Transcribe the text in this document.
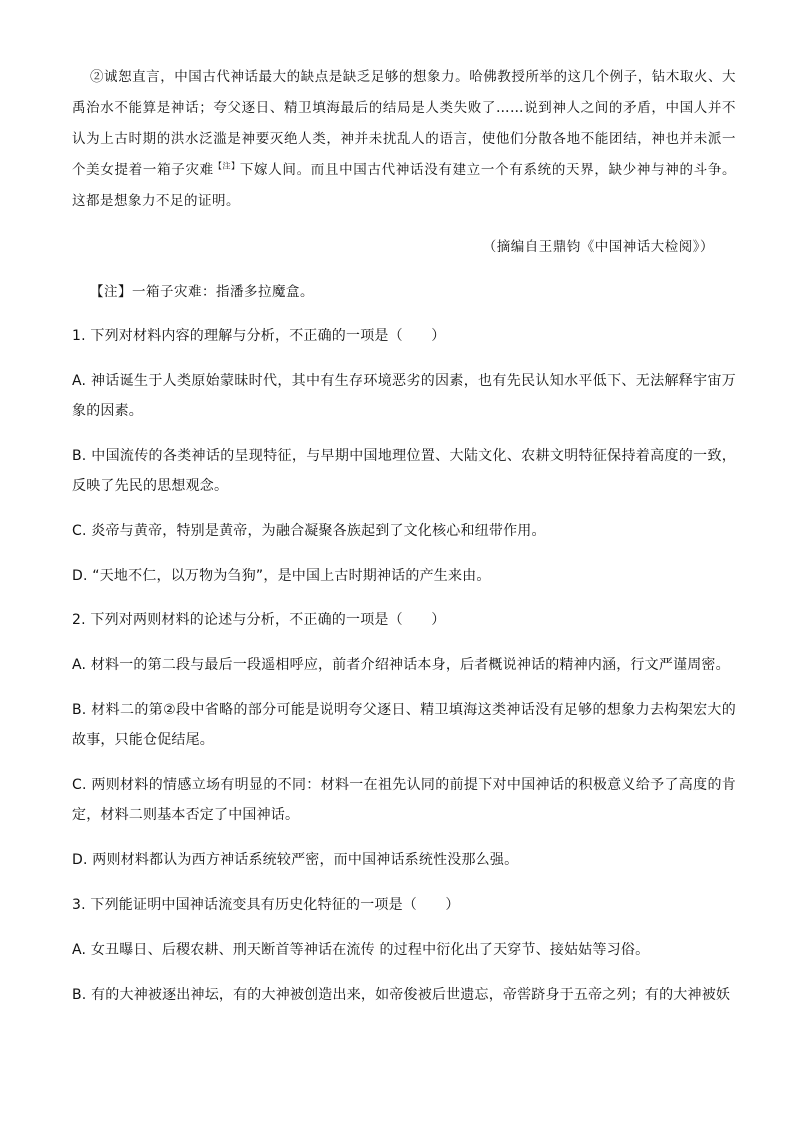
②诚恕直言，中国古代神话最大的缺点是缺乏足够的想象力。哈佛教授所举的这几个例子，钻木取火、大禹治水不能算是神话；夸父逐日、精卫填海最后的结局是人类失败了……说到神人之间的矛盾，中国人并不认为上古时期的洪水泛滥是神要灭绝人类，神并未扰乱人的语言，使他们分散各地不能团结，神也并未派一个美女提着一箱子灾难$^{【注】}$下嫁人间。而且中国古代神话没有建立一个有系统的天界，缺少神与神的斗争。这都是想象力不足的证明。
（摘编自王鼎钧《中国神话大检阅》）
【注】一箱子灾难：指潘多拉魔盒。
1. 下列对材料内容的理解与分析，不正确的一项是（　　）
A. 神话诞生于人类原始蒙昧时代，其中有生存环境恶劣的因素，也有先民认知水平低下、无法解释宇宙万象的因素。
B. 中国流传的各类神话的呈现特征，与早期中国地理位置、大陆文化、农耕文明特征保持着高度的一致，反映了先民的思想观念。
C. 炎帝与黄帝，特别是黄帝，为融合凝聚各族起到了文化核心和纽带作用。
D. “天地不仁，以万物为刍狗”，是中国上古时期神话的产生来由。
2. 下列对两则材料的论述与分析，不正确的一项是（　　）
A. 材料一的第二段与最后一段遥相呼应，前者介绍神话本身，后者概说神话的精神内涵，行文严谨周密。
B. 材料二的第②段中省略的部分可能是说明夸父逐日、精卫填海这类神话没有足够的想象力去构架宏大的故事，只能仓促结尾。
C. 两则材料的情感立场有明显的不同：材料一在祖先认同的前提下对中国神话的积极意义给予了高度的肯定，材料二则基本否定了中国神话。
D. 两则材料都认为西方神话系统较严密，而中国神话系统性没那么强。
3. 下列能证明中国神话流变具有历史化特征的一项是（　　）
A. 女丑曝日、后稷农耕、刑天断首等神话在流传 的过程中衍化出了天穿节、接姑姑等习俗。
B. 有的大神被逐出神坛，有的大神被创造出来，如帝俊被后世遗忘，帝喾跻身于五帝之列；有的大神被妖
